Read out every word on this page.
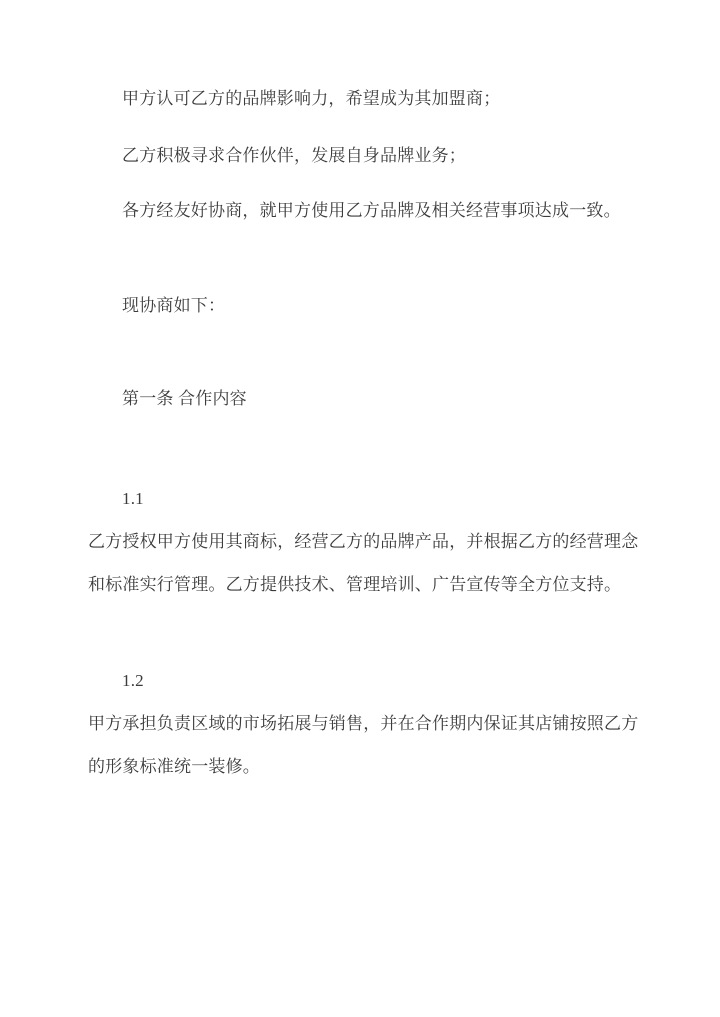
甲方认可乙方的品牌影响力，希望成为其加盟商；
乙方积极寻求合作伙伴，发展自身品牌业务；
各方经友好协商，就甲方使用乙方品牌及相关经营事项达成一致。
现协商如下：
第一条 合作内容
1.1
乙方授权甲方使用其商标，经营乙方的品牌产品，并根据乙方的经营理念
和标准实行管理。乙方提供技术、管理培训、广告宣传等全方位支持。
1.2
甲方承担负责区域的市场拓展与销售，并在合作期内保证其店铺按照乙方
的形象标准统一装修。
